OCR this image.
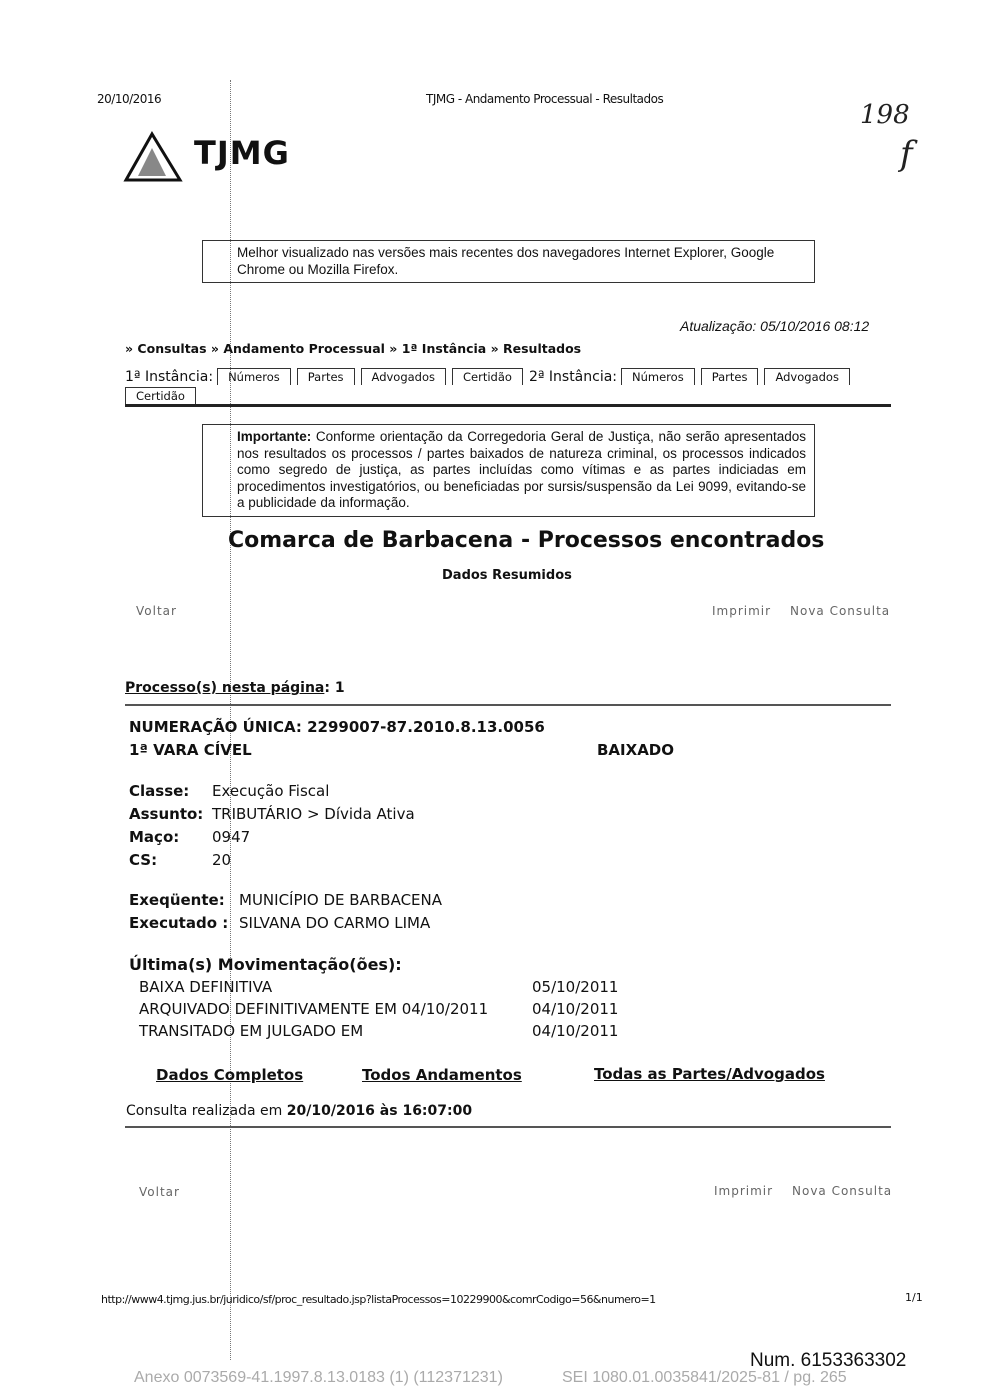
20/10/2016	TJMG - Andamento Processual - Resultados
TJMG
198
f
Melhor visualizado nas versões mais recentes dos navegadores Internet Explorer, Google Chrome ou Mozilla Firefox.
Atualização: 05/10/2016 08:12
» Consultas » Andamento Processual » 1ª Instância » Resultados
1ª Instância:	Números	Partes	Advogados	Certidão	2ª Instância:	Números	Partes	Advogados
Certidão
Importante: Conforme orientação da Corregedoria Geral de Justiça, não serão apresentados nos resultados os processos / partes baixados de natureza criminal, os processos indicados como segredo de justiça, as partes incluídas como vítimas e as partes indiciadas em procedimentos investigatórios, ou beneficiadas por sursis/suspensão da Lei 9099, evitando-se a publicidade da informação.
Comarca de Barbacena - Processos encontrados
Dados Resumidos
Voltar	Imprimir Nova Consulta
Processo(s) nesta página: 1
NUMERAÇÃO ÚNICA: 2299007-87.2010.8.13.0056
1ª VARA CÍVEL	BAIXADO
Classe:	Execução Fiscal
Assunto: TRIBUTÁRIO > Dívida Ativa
Maço:	0947
CS:	20
Exeqüente: MUNICÍPIO DE BARBACENA
Executado : SILVANA DO CARMO LIMA
Última(s) Movimentação(ões):
BAIXA DEFINITIVA	05/10/2011
ARQUIVADO DEFINITIVAMENTE EM 04/10/2011	04/10/2011
TRANSITADO EM JULGADO EM	04/10/2011
Dados Completos	Todos Andamentos	Todas as Partes/Advogados
Consulta realizada em 20/10/2016 às 16:07:00
Voltar	Imprimir Nova Consulta
http://www4.tjmg.jus.br/juridico/sf/proc_resultado.jsp?listaProcessos=10229900&comrCodigo=56&numero=1	1/1
Num. 6153363302
Anexo 0073569-41.1997.8.13.0183 (1) (112371231)	SEI 1080.01.0035841/2025-81 / pg. 265
